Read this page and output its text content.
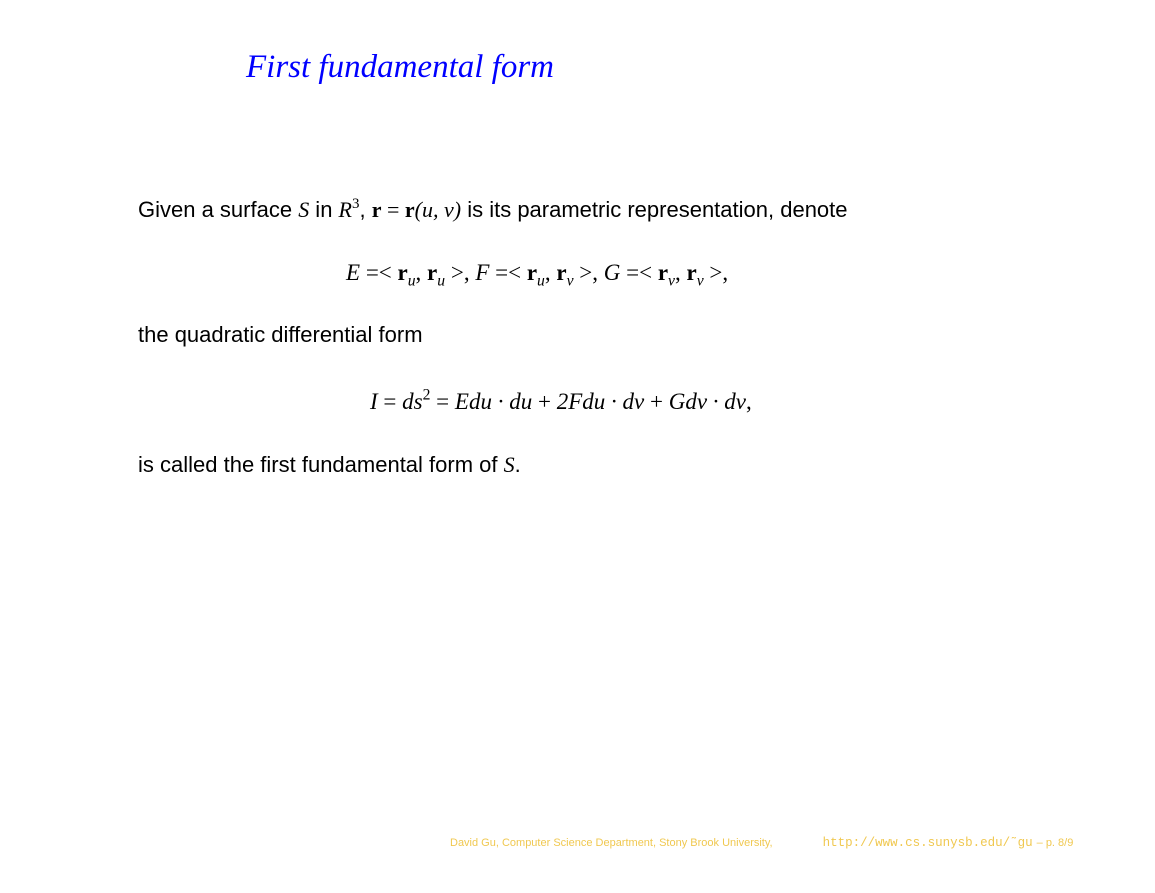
First fundamental form
Given a surface S in $R^3$, r = r(u, v) is its parametric representation, denote
$E =< r_u$, $r_u$ >, $F =< r_u$, $r_v$ >, $G =< r_v$, $r_v$ >,
the quadratic differential form
$I = ds^2$ = Edu · du + 2Fdu · dv + Gdv · dv,
is called the first fundamental form of S.
David Gu, Computer Science Department, Stony Brook University,	http://www.cs.sunysb.edu/˜gu – p. 8/9
